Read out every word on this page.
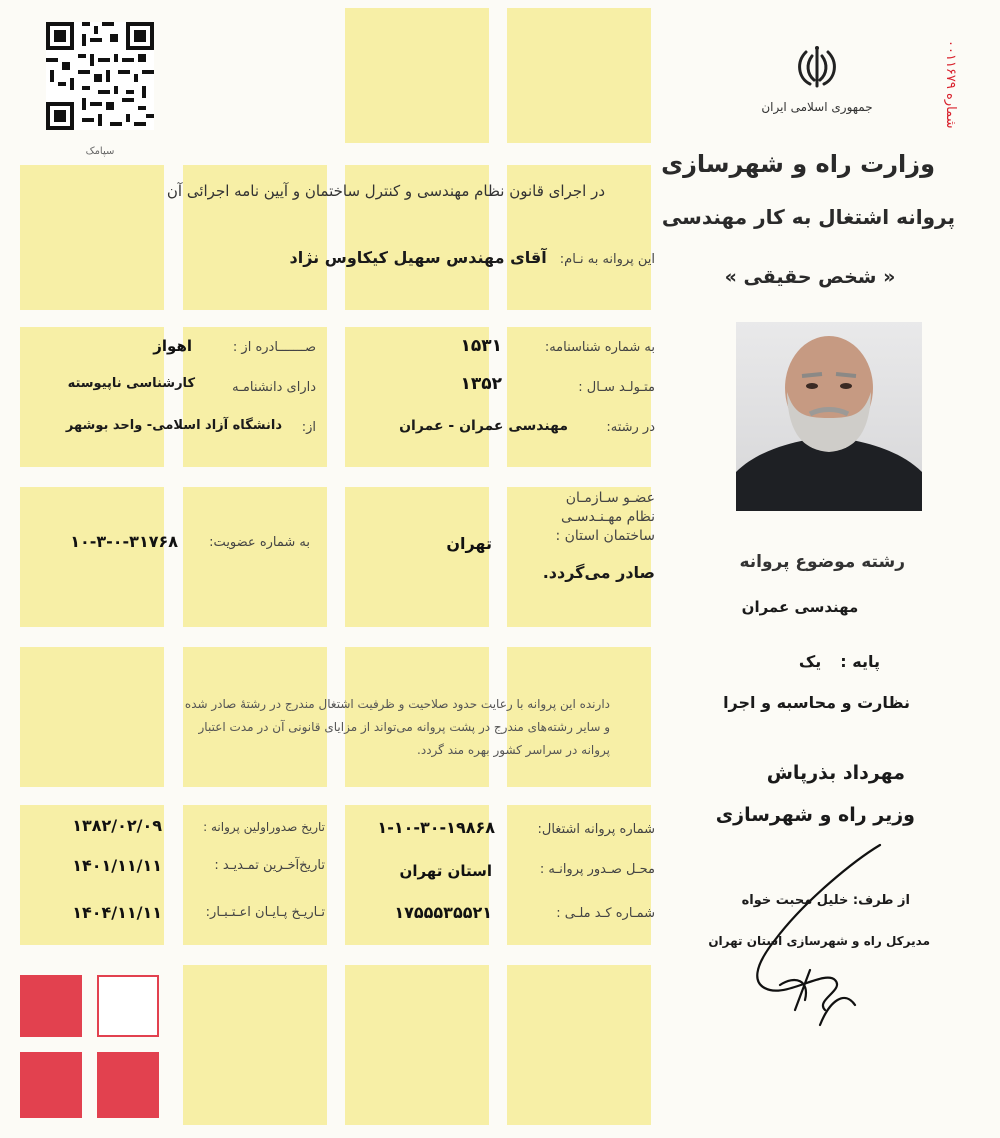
سپامک
شماره ۰۰۱۱۶۷۹
جمهوری اسلامی ایران
وزارت راه و شهرسازی
پروانه اشتغال به کار مهندسی
« شخص حقیقی »
در اجرای قانون نظام مهندسی و کنترل ساختمان و آیین نامه اجرائی آن
این پروانه به نـام: آقای مهندس سهیل کیکاوس نژاد
به شماره شناسنامه:
۱۵۳۱
صـــــــادره از :
اهواز
متـولـد سـال :
۱۳۵۲
دارای دانشنامـه
کارشناسی ناپیوسته
در رشته:
مهندسی عمران - عمران
از:
دانشگاه آزاد اسلامی- واحد بوشهر
عضـو سـازمـان
نظام مهـنـدسـی
ساختمان استان :
تهران
صادر می‌گردد.
به شماره عضویت:
۱۰-۳-۰-۳۱۷۶۸
دارنده این پروانه با رعایت حدود صلاحیت و ظرفیت اشتغال مندرج در رشتهٔ صادر شده
و سایر رشته‌های مندرج در پشت پروانه می‌تواند از مزایای قانونی آن در مدت اعتبار
پروانه در سراسر کشور بهره مند گردد.
شماره پروانه اشتغال:
۱-۱۰-۳۰-۱۹۸۶۸
تاریخ صدوراولین پروانه :
۱۳۸۲/۰۲/۰۹
محـل صـدور پروانـه :
استان تهران
تاریخ‌آخـرین تمـدیـد :
۱۴۰۱/۱۱/۱۱
شمـاره کـد ملـی :
۱۷۵۵۵۳۵۵۲۱
تـاریـخ پـایـان اعـتـبـار:
۱۴۰۴/۱۱/۱۱
رشته موضوع پروانه
مهندسی عمران
پایه : یک
نظارت و محاسبه و اجرا
مهرداد بذرپاش
وزیر راه و شهرسازی
از طرف: خلیل محبت خواه
مدیرکل راه و شهرسازی استان تهران
